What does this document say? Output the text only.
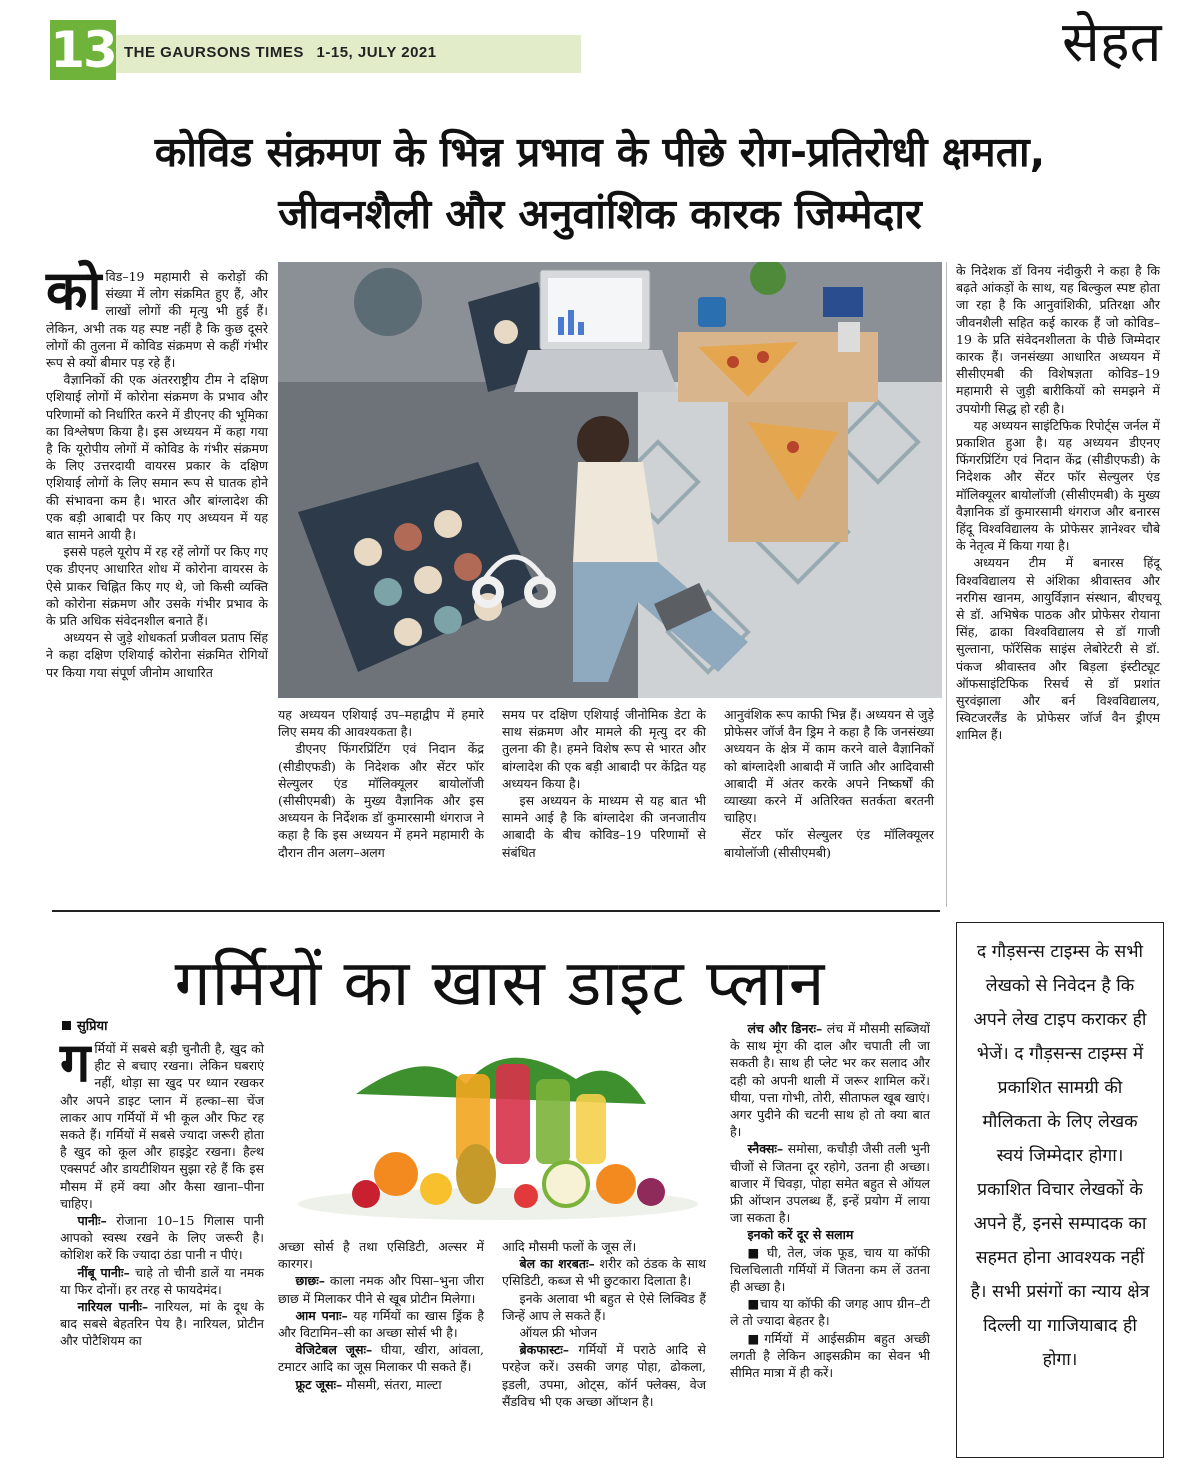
13 THE GAURSONS TIMES 1-15, JULY 2021	सेहत
कोविड संक्रमण के भिन्न प्रभाव के पीछे रोग-प्रतिरोधी क्षमता,
जीवनशैली और अनुवांशिक कारक जिम्मेदार

कोविड–19 महामारी से करोड़ों की संख्या में लोग संक्रमित हुए हैं, और लाखों लोगों की मृत्यु भी हुई हैं। लेकिन, अभी तक यह स्पष्ट नहीं है कि कुछ दूसरे लोगों की तुलना में कोविड संक्रमण से कहीं गंभीर रूप से क्यों बीमार पड़ रहे हैं।

वैज्ञानिकों की एक अंतरराष्ट्रीय टीम ने दक्षिण एशियाई लोगों में कोरोना संक्रमण के प्रभाव और परिणामों को निर्धारित करने में डीएनए की भूमिका का विश्लेषण किया है। इस अध्ययन में कहा गया है कि यूरोपीय लोगों में कोविड के गंभीर संक्रमण के लिए उत्तरदायी वायरस प्रकार के दक्षिण एशियाई लोगों के लिए समान रूप से घातक होने की संभावना कम है। भारत और बांग्लादेश की एक बड़ी आबादी पर किए गए अध्ययन में यह बात सामने आयी है।

इससे पहले यूरोप में रह रहें लोगों पर किए गए एक डीएनए आधारित शोध में कोरोना वायरस के ऐसे प्राकर चिह्नित किए गए थे, जो किसी व्यक्ति को कोरोना संक्रमण और उसके गंभीर प्रभाव के के प्रति अधिक संवेदनशील बनाते हैं।

अध्ययन से जुड़े शोधकर्ता प्रजीवल प्रताप सिंह ने कहा दक्षिण एशियाई कोरोना संक्रमित रोगियों पर किया गया संपूर्ण जीनोम आधारित

यह अध्ययन एशियाई उप–महाद्वीप में हमारे लिए समय की आवश्यकता है।

डीएनए फिंगरप्रिंटिंग एवं निदान केंद्र (सीडीएफडी) के निदेशक और सेंटर फॉर सेल्युलर एंड मॉलिक्यूलर बायोलॉजी (सीसीएमबी) के मुख्य वैज्ञानिक और इस अध्ययन के निर्देशक डॉ कुमारसामी थंगराज ने कहा है कि इस अध्ययन में हमने महामारी के दौरान तीन अलग–अलग

समय पर दक्षिण एशियाई जीनोमिक डेटा के साथ संक्रमण और मामले की मृत्यु दर की तुलना की है। हमने विशेष रूप से भारत और बांग्लादेश की एक बड़ी आबादी पर केंद्रित यह अध्ययन किया है।

इस अध्ययन के माध्यम से यह बात भी सामने आई है कि बांग्लादेश की जनजातीय आबादी के बीच कोविड–19 परिणामों से संबंधित

आनुवंशिक रूप काफी भिन्न हैं। अध्ययन से जुड़े प्रोफेसर जॉर्ज वैन ड्रिम ने कहा है कि जनसंख्या अध्ययन के क्षेत्र में काम करने वाले वैज्ञानिकों को बांग्लादेशी आबादी में जाति और आदिवासी आबादी में अंतर करके अपने निष्कर्षों की व्याख्या करने में अतिरिक्त सतर्कता बरतनी चाहिए।

सेंटर फॉर सेल्युलर एंड मॉलिक्यूलर बायोलॉजी (सीसीएमबी)

के निदेशक डॉ विनय नंदीकुरी ने कहा है कि बढ़ते आंकड़ों के साथ, यह बिल्कुल स्पष्ट होता जा रहा है कि आनुवांशिकी, प्रतिरक्षा और जीवनशैली सहित कई कारक हैं जो कोविड–19 के प्रति संवेदनशीलता के पीछे जिम्मेदार कारक हैं। जनसंख्या आधारित अध्ययन में सीसीएमबी की विशेषज्ञता कोविड–19 महामारी से जुड़ी बारीकियों को समझने में उपयोगी सिद्ध हो रही है।

यह अध्ययन साइंटिफिक रिपोर्ट्स जर्नल में प्रकाशित हुआ है। यह अध्ययन डीएनए फिंगरप्रिंटिंग एवं निदान केंद्र (सीडीएफडी) के निदेशक और सेंटर फॉर सेल्युलर एंड मॉलिक्यूलर बायोलॉजी (सीसीएमबी) के मुख्य वैज्ञानिक डॉ कुमारसामी थंगराज और बनारस हिंदू विश्वविद्यालय के प्रोफेसर ज्ञानेश्वर चौबे के नेतृत्व में किया गया है।

अध्ययन टीम में बनारस हिंदू विश्वविद्यालय से अंशिका श्रीवास्तव और नरगिस खानम, आयुर्विज्ञान संस्थान, बीएचयू से डॉ. अभिषेक पाठक और प्रोफेसर रोयाना सिंह, ढाका विश्वविद्यालय से डॉ गाजी सुल्ताना, फॉरेंसिक साइंस लेबोरेटरी से डॉ. पंकज श्रीवास्तव और बिड़ला इंस्टीट्यूट ऑफसाइंटिफिक रिसर्च से डॉ प्रशांत सुरवंझाला और बर्न विश्वविद्यालय, स्विटजरलैंड के प्रोफेसर जॉर्ज वैन ड्रीएम शामिल हैं।

गर्मियों का खास डाइट प्लान
सुप्रिया

गर्मियों में सबसे बड़ी चुनौती है, खुद को हीट से बचाए रखना। लेकिन घबराएं नहीं, थोड़ा सा खुद पर ध्यान रखकर और अपने डाइट प्लान में हल्का–सा चेंज लाकर आप गर्मियों में भी कूल और फिट रह सकते हैं। गर्मियों में सबसे ज्यादा जरूरी होता है खुद को कूल और हाइड्रेट रखना। हैल्थ एक्सपर्ट और डायटीशियन सुझा रहे हैं कि इस मौसम में हमें क्या और कैसा खाना–पीना चाहिए।

पानीः– रोजाना 10–15 गिलास पानी आपको स्वस्थ रखने के लिए जरूरी है। कोशिश करें कि ज्यादा ठंडा पानी न पीएं।

नींबू पानीः– चाहे तो चीनी डालें या नमक या फिर दोनों। हर तरह से फायदेमंद।

नारियल पानीः– नारियल, मां के दूध के बाद सबसे बेहतरिन पेय है। नारियल, प्रोटीन और पोटैशियम का

अच्छा सोर्स है तथा एसिडिटी, अल्सर में कारगर।

छाछः– काला नमक और पिसा–भुना जीरा छाछ में मिलाकर पीने से खूब प्रोटीन मिलेगा।

आम पनाः– यह गर्मियों का खास ड्रिंक है और विटामिन–सी का अच्छा सोर्स भी है।

वेजिटेबल जूसः– घीया, खीरा, आंवला, टमाटर आदि का जूस मिलाकर पी सकते हैं।

फ्रूट जूसः– मौसमी, संतरा, माल्टा

आदि मौसमी फलों के जूस लें।

बेल का शरबतः– शरीर को ठंडक के साथ एसिडिटी, कब्ज से भी छुटकारा दिलाता है।

इनके अलावा भी बहुत से ऐसे लिक्विड हैं जिन्हें आप ले सकते हैं।

ऑयल फ्री भोजन

ब्रेकफास्टः– गर्मियों में पराठे आदि से परहेज करें। उसकी जगह पोहा, ढोकला, इडली, उपमा, ओट्स, कॉर्न फ्लेक्स, वेज सैंडविच भी एक अच्छा ऑप्शन है।

लंच और डिनरः– लंच में मौसमी सब्जियों के साथ मूंग की दाल और चपाती ली जा सकती है। साथ ही प्लेट भर कर सलाद और दही को अपनी थाली में जरूर शामिल करें। घीया, पत्ता गोभी, तोरी, सीताफल खूब खाएं। अगर पुदीने की चटनी साथ हो तो क्या बात है।

स्नैक्सः– समोसा, कचौड़ी जैसी तली भुनी चीजों से जितना दूर रहोगे, उतना ही अच्छा। बाजार में चिवड़ा, पोहा समेत बहुत से ऑयल फ्री ऑप्शन उपलब्ध हैं, इन्हें प्रयोग में लाया जा सकता है।

इनको करें दूर से सलाम

■ घी, तेल, जंक फूड, चाय या कॉफी चिलचिलाती गर्मियों में जितना कम लें उतना ही अच्छा है।

■चाय या कॉफी की जगह आप ग्रीन–टी ले तो ज्यादा बेहतर है।

■गर्मियों में आईसक्रीम बहुत अच्छी लगती है लेकिन आइसक्रीम का सेवन भी सीमित मात्रा में ही करें।

द गौड़सन्स टाइम्स के सभी लेखको से निवेदन है कि अपने लेख टाइप कराकर ही भेजें। द गौड़सन्स टाइम्स में प्रकाशित सामग्री की मौलिकता के लिए लेखक स्वयं जिम्मेदार होगा। प्रकाशित विचार लेखकों के अपने हैं, इनसे सम्पादक का सहमत होना आवश्यक नहीं है। सभी प्रसंगों का न्याय क्षेत्र दिल्ली या गाजियाबाद ही होगा।
